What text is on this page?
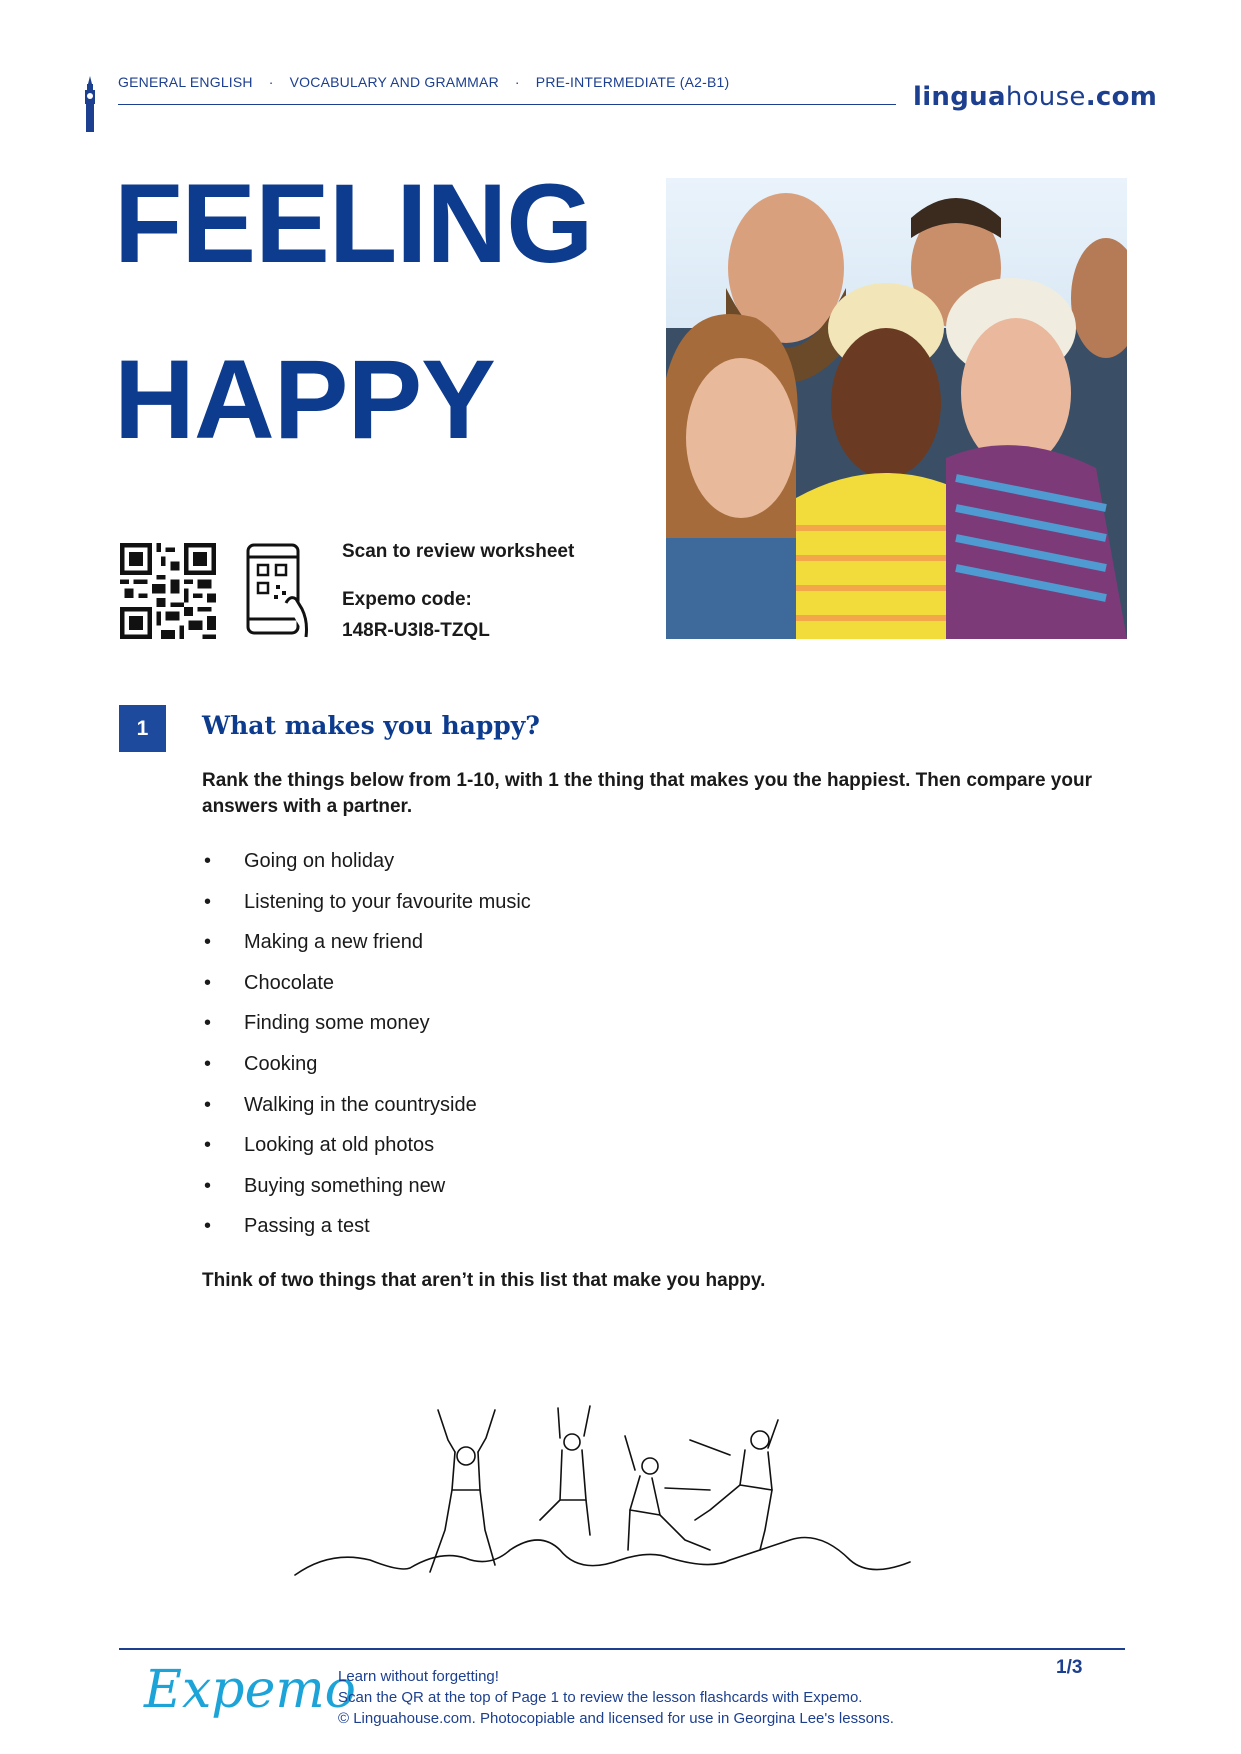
GENERAL ENGLISH · VOCABULARY AND GRAMMAR · PRE-INTERMEDIATE (A2-B1)	linguahouse.com
FEELING
HAPPY
Scan to review worksheet
Expemo code:
148R-U3I8-TZQL
1	What makes you happy?
Rank the things below from 1-10, with 1 the thing that makes you the happiest. Then compare your answers with a partner.
• Going on holiday
• Listening to your favourite music
• Making a new friend
• Chocolate
• Finding some money
• Cooking
• Walking in the countryside
• Looking at old photos
• Buying something new
• Passing a test
Think of two things that aren’t in this list that make you happy.
Expemo
Learn without forgetting!
Scan the QR at the top of Page 1 to review the lesson flashcards with Expemo.
© Linguahouse.com. Photocopiable and licensed for use in Georgina Lee's lessons.
1/3
